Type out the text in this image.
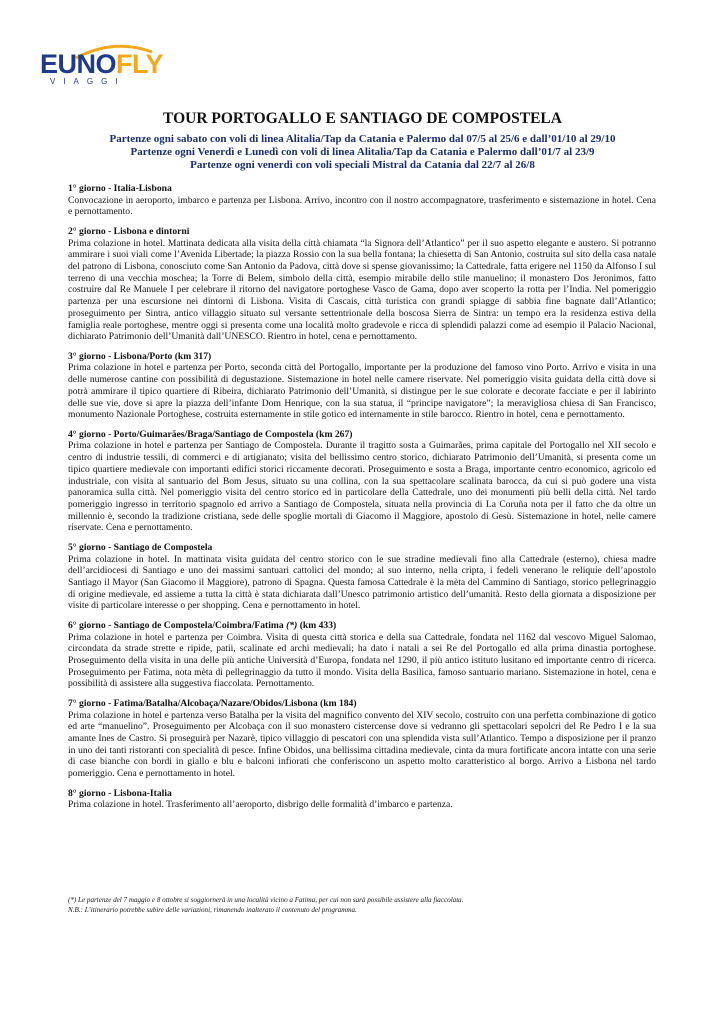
EUNOFLY
VIAGGI
TOUR PORTOGALLO E SANTIAGO DE COMPOSTELA
Partenze ogni sabato con voli di linea Alitalia/Tap da Catania e Palermo dal 07/5 al 25/6 e dall’01/10 al 29/10
Partenze ogni Venerdì e Lunedì con voli di linea Alitalia/Tap da Catania e Palermo dall’01/7 al 23/9
Partenze ogni venerdì con voli speciali Mistral da Catania dal 22/7 al 26/8
1° giorno - Italia-Lisbona
Convocazione in aeroporto, imbarco e partenza per Lisbona. Arrivo, incontro con il nostro accompagnatore, trasferimento e sistemazione in hotel. Cena e pernottamento.
2° giorno - Lisbona e dintorni
Prima colazione in hotel. Mattinata dedicata alla visita della città chiamata “la Signora dell’Atlantico” per il suo aspetto elegante e austero. Si potranno ammirare i suoi viali come l’Avenida Libertade; la piazza Rossio con la sua bella fontana; la chiesetta di San Antonio, costruita sul sito della casa natale del patrono di Lisbona, conosciuto come San Antonio da Padova, città dove si spense giovanissimo; la Cattedrale, fatta erigere nel 1150 da Alfonso I sul terreno di una vecchia moschea; la Torre di Belem, simbolo della città, esempio mirabile dello stile manuelino; il monastero Dos Jeronimos, fatto costruire dal Re Manuele I per celebrare il ritorno del navigatore portoghese Vasco de Gama, dopo aver scoperto la rotta per l’India. Nel pomeriggio partenza per una escursione nei dintorni di Lisbona. Visita di Cascais, città turistica con grandi spiagge di sabbia fine bagnate dall’Atlantico; proseguimento per Sintra, antico villaggio situato sul versante settentrionale della boscosa Sierra de Sintra: un tempo era la residenza estiva della famiglia reale portoghese, mentre oggi si presenta come una località molto gradevole e ricca di splendidi palazzi come ad esempio il Palacio Nacional, dichiarato Patrimonio dell’Umanità dall’UNESCO. Rientro in hotel, cena e pernottamento.
3° giorno - Lisbona/Porto (km 317)
Prima colazione in hotel e partenza per Porto, seconda città del Portogallo, importante per la produzione del famoso vino Porto. Arrivo e visita in una delle numerose cantine con possibilità di degustazione. Sistemazione in hotel nelle camere riservate. Nel pomeriggio visita guidata della città dove si potrà ammirare il tipico quartiere di Ribeira, dichiarato Patrimonio dell’Umanità, si distingue per le sue colorate e decorate facciate e per il labirinto delle sue vie, dove si apre la piazza dell’infante Dom Henrique, con la sua statua, il “principe navigatore”; la meravigliosa chiesa di San Francisco, monumento Nazionale Portoghese, costruita esternamente in stile gotico ed internamente in stile barocco. Rientro in hotel, cena e pernottamento.
4° giorno - Porto/Guimarães/Braga/Santiago de Compostela (km 267)
Prima colazione in hotel e partenza per Santiago de Compostela. Durante il tragitto sosta a Guimarães, prima capitale del Portogallo nel XII secolo e centro di industrie tessili, di commerci e di artigianato; visita del bellissimo centro storico, dichiarato Patrimonio dell’Umanità, si presenta come un tipico quartiere medievale con importanti edifici storici riccamente decorati. Proseguimento e sosta a Braga, importante centro economico, agricolo ed industriale, con visita al santuario del Bom Jesus, situato su una collina, con la sua spettacolare scalinata barocca, da cui si può godere una vista panoramica sulla città. Nel pomeriggio visita del centro storico ed in particolare della Cattedrale, uno dei monumenti più belli della città. Nel tardo pomeriggio ingresso in territorio spagnolo ed arrivo a Santiago de Compostela, situata nella provincia di La Coruña nota per il fatto che da oltre un millennio è, secondo la tradizione cristiana, sede delle spoglie mortali di Giacomo il Maggiore, apostolo di Gesù. Sistemazione in hotel, nelle camere riservate. Cena e pernottamento.
5° giorno - Santiago de Compostela
Prima colazione in hotel. In mattinata visita guidata del centro storico con le sue stradine medievali fino alla Cattedrale (esterno), chiesa madre dell’arcidiocesi di Santiago e uno dei massimi santuari cattolici del mondo; al suo interno, nella cripta, i fedeli venerano le reliquie dell’apostolo Santiago il Mayor (San Giacomo il Maggiore), patrono di Spagna. Questa famosa Cattedrale è la mèta del Cammino di Santiago, storico pellegrinaggio di origine medievale, ed assieme a tutta la città è stata dichiarata dall’Unesco patrimonio artistico dell’umanità. Resto della giornata a disposizione per visite di particolare interesse o per shopping. Cena e pernottamento in hotel.
6° giorno - Santiago de Compostela/Coimbra/Fatima (*) (km 433)
Prima colazione in hotel e partenza per Coimbra. Visita di questa città storica e della sua Cattedrale, fondata nel 1162 dal vescovo Miguel Salomao, circondata da strade strette e ripide, patii, scalinate ed archi medievali; ha dato i natali a sei Re del Portogallo ed alla prima dinastia portoghese. Proseguimento della visita in una delle più antiche Università d’Europa, fondata nel 1290, il più antico istituto lusitano ed importante centro di ricerca. Proseguimento per Fatima, nota mèta di pellegrinaggio da tutto il mondo. Visita della Basilica, famoso santuario mariano. Sistemazione in hotel, cena e possibilità di assistere alla suggestiva fiaccolata. Pernottamento.
7° giorno - Fatima/Batalha/Alcobaça/Nazare/Obidos/Lisbona (km 184)
Prima colazione in hotel e partenza verso Batalha per la visita del magnifico convento del XIV secolo, costruito con una perfetta combinazione di gotico ed arte “manuelino”. Proseguimento per Alcobaça con il suo monastero cistercense dove si vedranno gli spettacolari sepolcri del Re Pedro I e la sua amante Ines de Castro. Si proseguirà per Nazarè, tipico villaggio di pescatori con una splendida vista sull’Atlantico. Tempo a disposizione per il pranzo in uno dei tanti ristoranti con specialità di pesce. Infine Obidos, una bellissima cittadina medievale, cinta da mura fortificate ancora intatte con una serie di case bianche con bordi in giallo e blu e balconi infiorati che conferiscono un aspetto molto caratteristico al borgo. Arrivo a Lisbona nel tardo pomeriggio. Cena e pernottamento in hotel.
8° giorno - Lisbona-Italia
Prima colazione in hotel. Trasferimento all’aeroporto, disbrigo delle formalità d’imbarco e partenza.
(*) Le partenze del 7 maggio e 8 ottobre si soggiornerà in una località vicino a Fatima, per cui non sarà possibile assistere alla fiaccolata.
N.B.: L’itinerario potrebbe subire delle variazioni, rimanendo inalterato il contenuto del programma.
